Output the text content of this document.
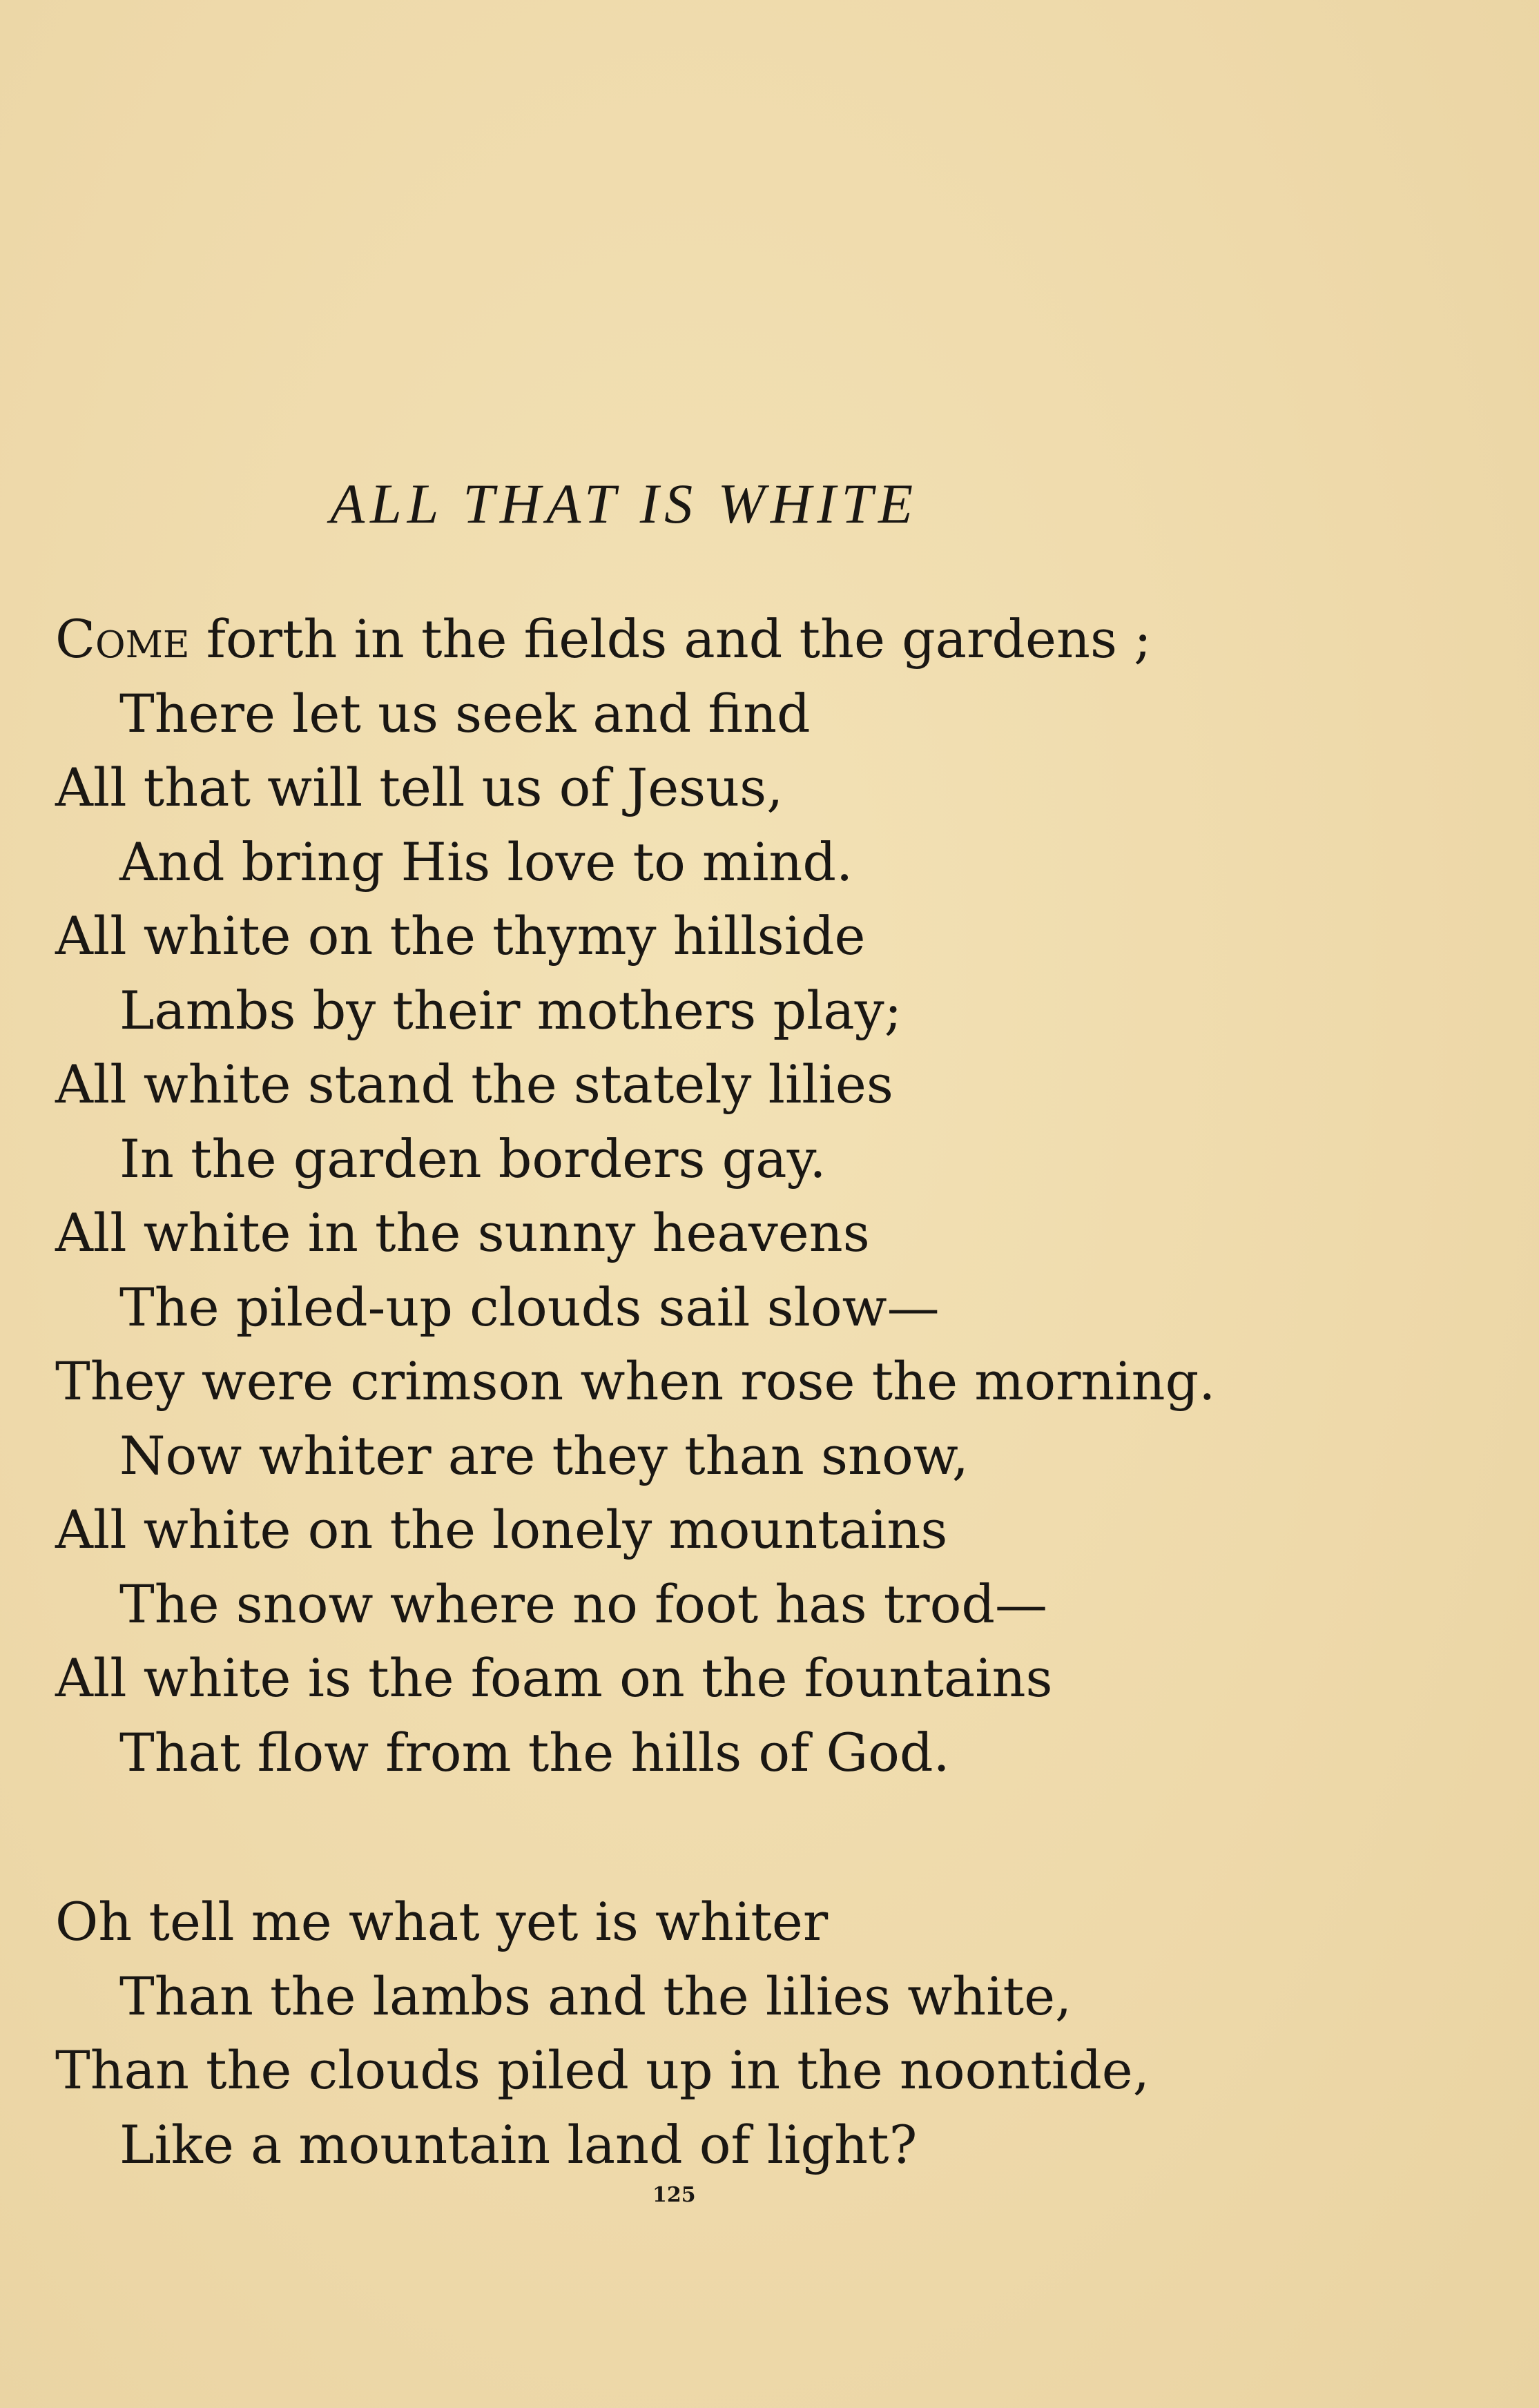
ALL THAT IS WHITE
Come forth in the fields and the gardens ;
There let us seek and find
All that will tell us of Jesus,
And bring His love to mind.
All white on the thymy hillside
Lambs by their mothers play;
All white stand the stately lilies
In the garden borders gay.
All white in the sunny heavens
The piled-up clouds sail slow—
They were crimson when rose the morning.
Now whiter are they than snow,
All white on the lonely mountains
The snow where no foot has trod—
All white is the foam on the fountains
That flow from the hills of God.
Oh tell me what yet is whiter
Than the lambs and the lilies white,
Than the clouds piled up in the noontide,
Like a mountain land of light?
125
